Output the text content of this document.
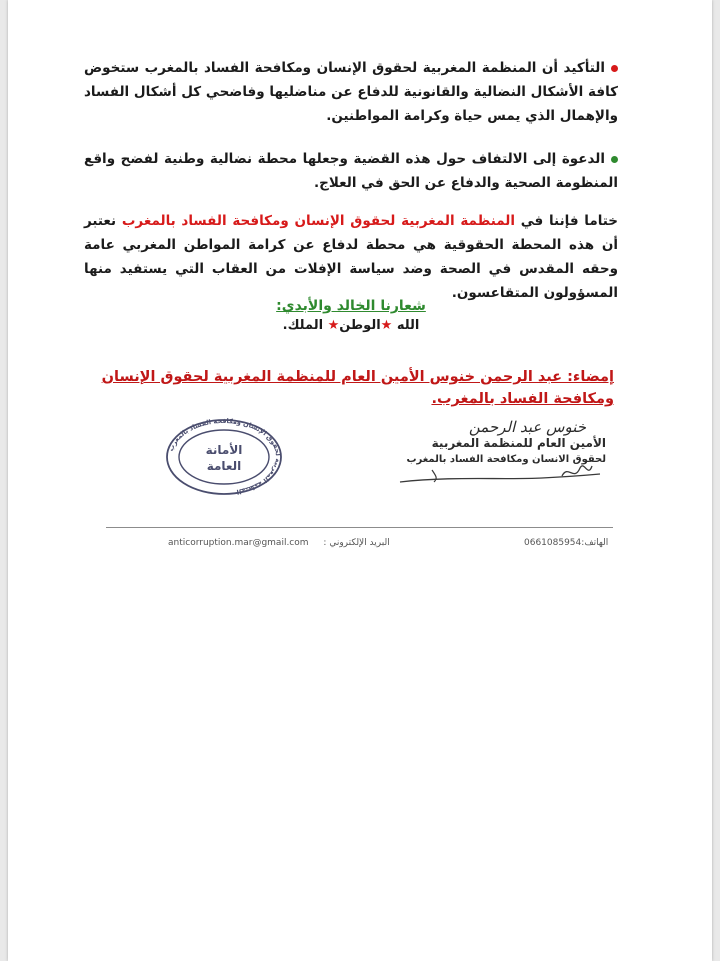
التأكيد أن المنظمة المغربية لحقوق الإنسان ومكافحة الفساد بالمغرب ستخوض كافة الأشكال النضالية والقانونية للدفاع عن مناضليها وفاضحي كل أشكال الفساد والإهمال الذي يمس حياة وكرامة المواطنين.
الدعوة إلى الالتفاف حول هذه القضية وجعلها محطة نضالية وطنية لفضح واقع المنظومة الصحية والدفاع عن الحق في العلاج.
ختاما فإننا في المنظمة المغربية لحقوق الإنسان ومكافحة الفساد بالمغرب نعتبر أن هذه المحطة الحقوقية هي محطة لدفاع عن كرامة المواطن المغربي عامة وحقه المقدس في الصحة وضد سياسة الإفلات من العقاب التي يستفيد منها المسؤولون المتقاعسون.
شعارنا الخالد والأبدي:
الله ★الوطن★ الملك.
إمضاء: عبد الرحمن خنوس الأمين العام للمنظمة المغربية لحقوق الإنسان ومكافحة الفساد بالمغرب.
خنوس عبد الرحمن
الأمين العام للمنظمة المغربية
لحقوق الانسان ومكافحة الفساد بالمغرب
المنظمة المغربية لحقوق الإنسان ومكافحة الفساد بالمغرب
الأمانة
العامة
anticorruption.mar@gmail.com : البريد الإلكتروني	0661085954:الهاتف
